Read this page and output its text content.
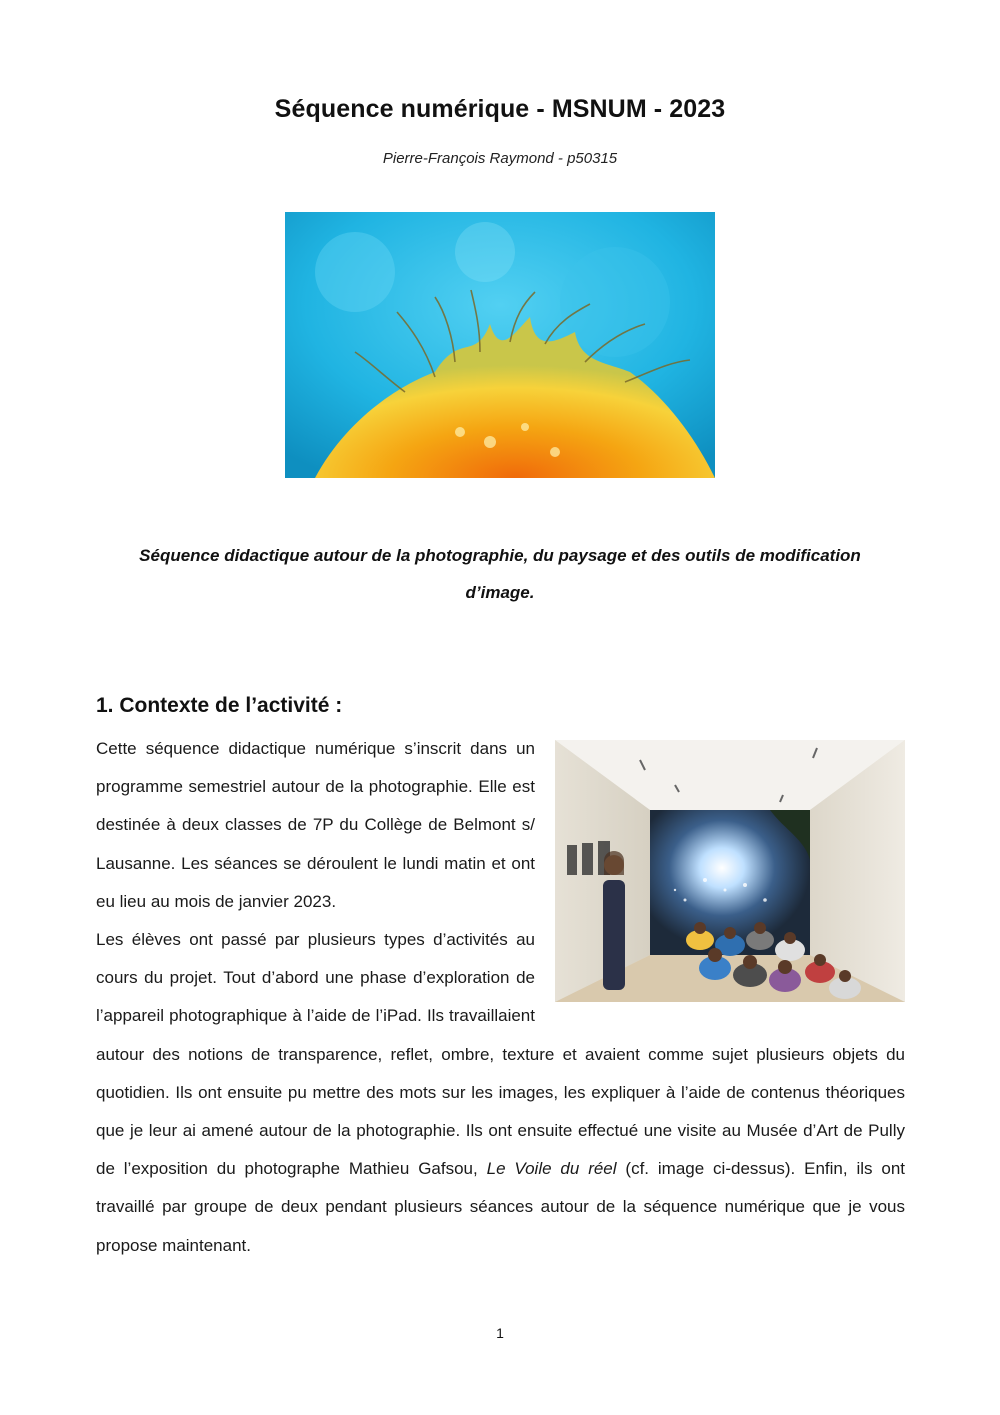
Séquence numérique - MSNUM - 2023
Pierre-François Raymond - p50315
Séquence didactique autour de la photographie, du paysage et des outils de modification d’image.
1. Contexte de l’activité :

Cette séquence didactique numérique s’inscrit dans un programme semestriel autour de la photographie. Elle est destinée à deux classes de 7P du Collège de Belmont s/ Lausanne. Les séances se déroulent le lundi matin et ont eu lieu au mois de janvier 2023.

Les élèves ont passé par plusieurs types d’activités au cours du projet. Tout d’abord une phase d’exploration de l’appareil photographique à l’aide de l’iPad. Ils travaillaient autour des notions de transparence, reflet, ombre, texture et avaient comme sujet plusieurs objets du quotidien. Ils ont ensuite pu mettre des mots sur les images, les expliquer à l’aide de contenus théoriques que je leur ai amené autour de la photographie. Ils ont ensuite effectué une visite au Musée d’Art de Pully de l’exposition du photographe Mathieu Gafsou, Le Voile du réel (cf. image ci-dessus). Enfin, ils ont travaillé par groupe de deux pendant plusieurs séances autour de la séquence numérique que je vous propose maintenant.

1
